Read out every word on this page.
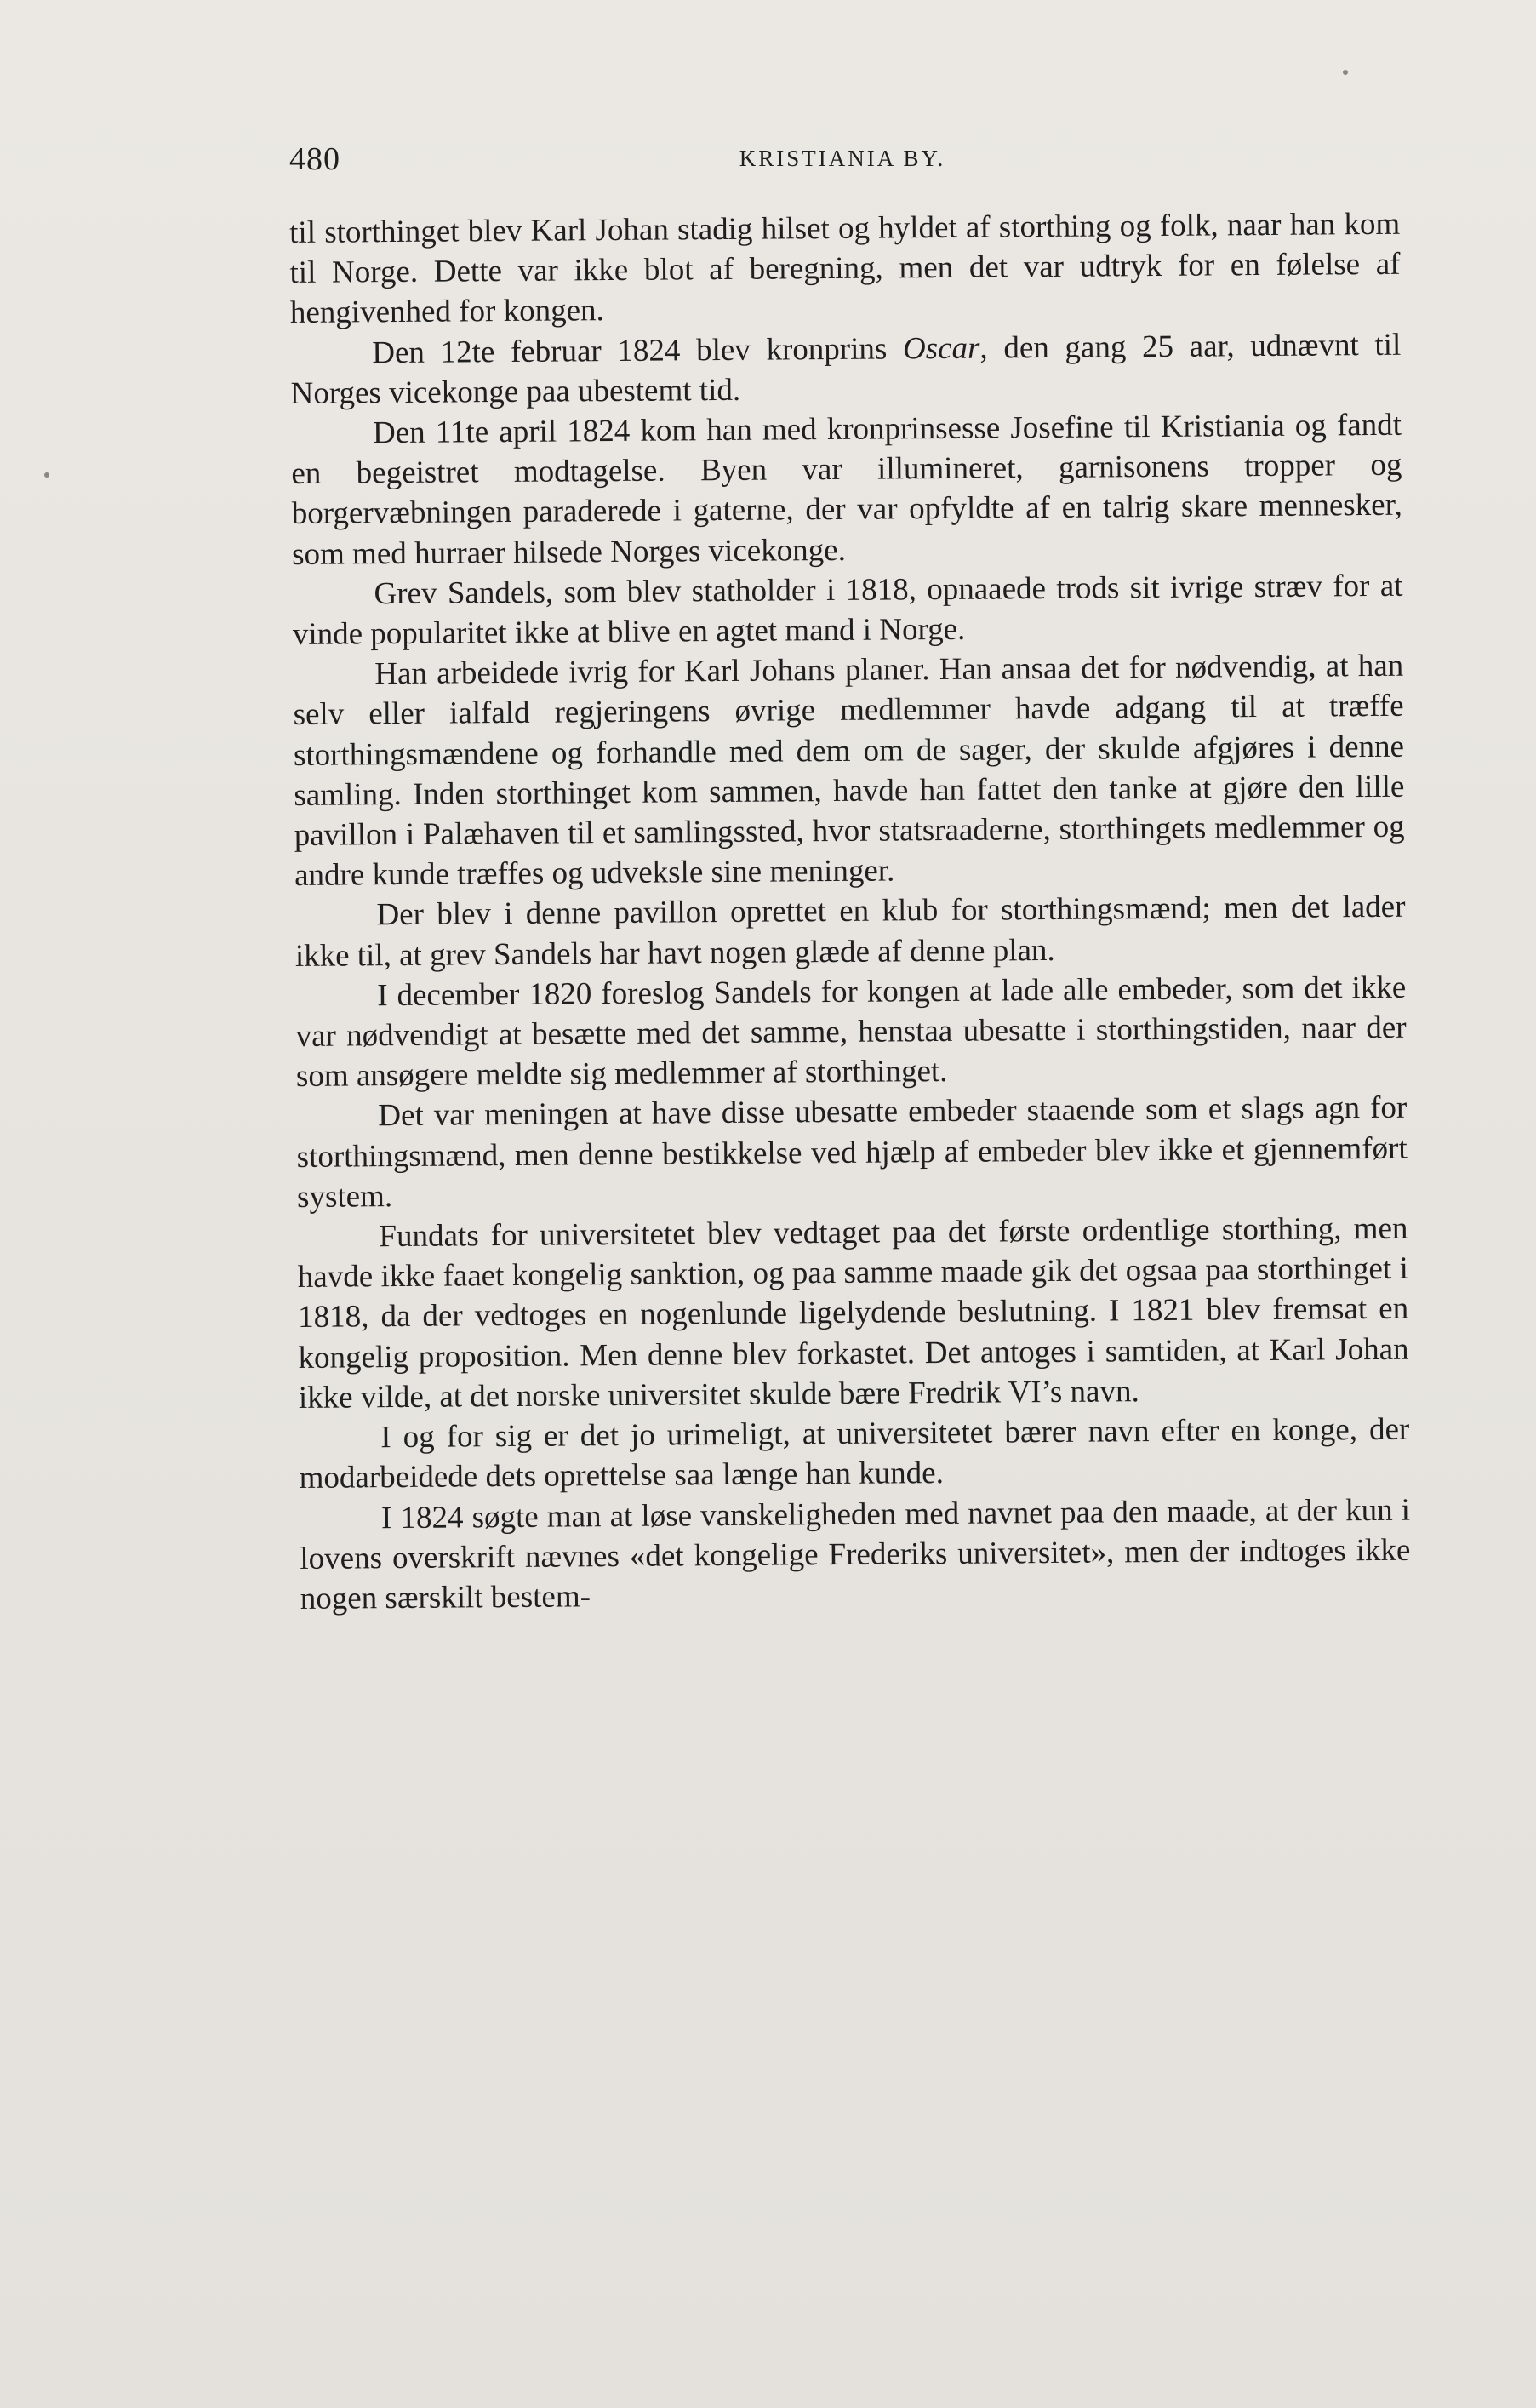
480	KRISTIANIA BY.

til storthinget blev Karl Johan stadig hilset og hyldet af storthing og folk, naar han kom til Norge. Dette var ikke blot af beregning, men det var udtryk for en følelse af hengivenhed for kongen.

Den 12te februar 1824 blev kronprins Oscar, den gang 25 aar, udnævnt til Norges vicekonge paa ubestemt tid.

Den 11te april 1824 kom han med kronprinsesse Josefine til Kristiania og fandt en begeistret modtagelse. Byen var illumineret, garnisonens tropper og borgervæbningen paraderede i gaterne, der var opfyldte af en talrig skare mennesker, som med hurraer hilsede Norges vicekonge.

Grev Sandels, som blev statholder i 1818, opnaaede trods sit ivrige stræv for at vinde popularitet ikke at blive en agtet mand i Norge.

Han arbeidede ivrig for Karl Johans planer. Han ansaa det for nødvendig, at han selv eller ialfald regjeringens øvrige medlemmer havde adgang til at træffe storthingsmændene og forhandle med dem om de sager, der skulde afgjøres i denne samling. Inden storthinget kom sammen, havde han fattet den tanke at gjøre den lille pavillon i Palæhaven til et samlingssted, hvor statsraaderne, storthingets medlemmer og andre kunde træffes og udveksle sine meninger.

Der blev i denne pavillon oprettet en klub for storthingsmænd; men det lader ikke til, at grev Sandels har havt nogen glæde af denne plan.

I december 1820 foreslog Sandels for kongen at lade alle embeder, som det ikke var nødvendigt at besætte med det samme, henstaa ubesatte i storthingstiden, naar der som ansøgere meldte sig medlemmer af storthinget.

Det var meningen at have disse ubesatte embeder staaende som et slags agn for storthingsmænd, men denne bestikkelse ved hjælp af embeder blev ikke et gjennemført system.

Fundats for universitetet blev vedtaget paa det første ordentlige storthing, men havde ikke faaet kongelig sanktion, og paa samme maade gik det ogsaa paa storthinget i 1818, da der vedtoges en nogenlunde ligelydende beslutning. I 1821 blev fremsat en kongelig proposition. Men denne blev forkastet. Det antoges i samtiden, at Karl Johan ikke vilde, at det norske universitet skulde bære Fredrik VI’s navn.

I og for sig er det jo urimeligt, at universitetet bærer navn efter en konge, der modarbeidede dets oprettelse saa længe han kunde.

I 1824 søgte man at løse vanskeligheden med navnet paa den maade, at der kun i lovens overskrift nævnes «det kongelige Frederiks universitet», men der indtoges ikke nogen særskilt bestem-
